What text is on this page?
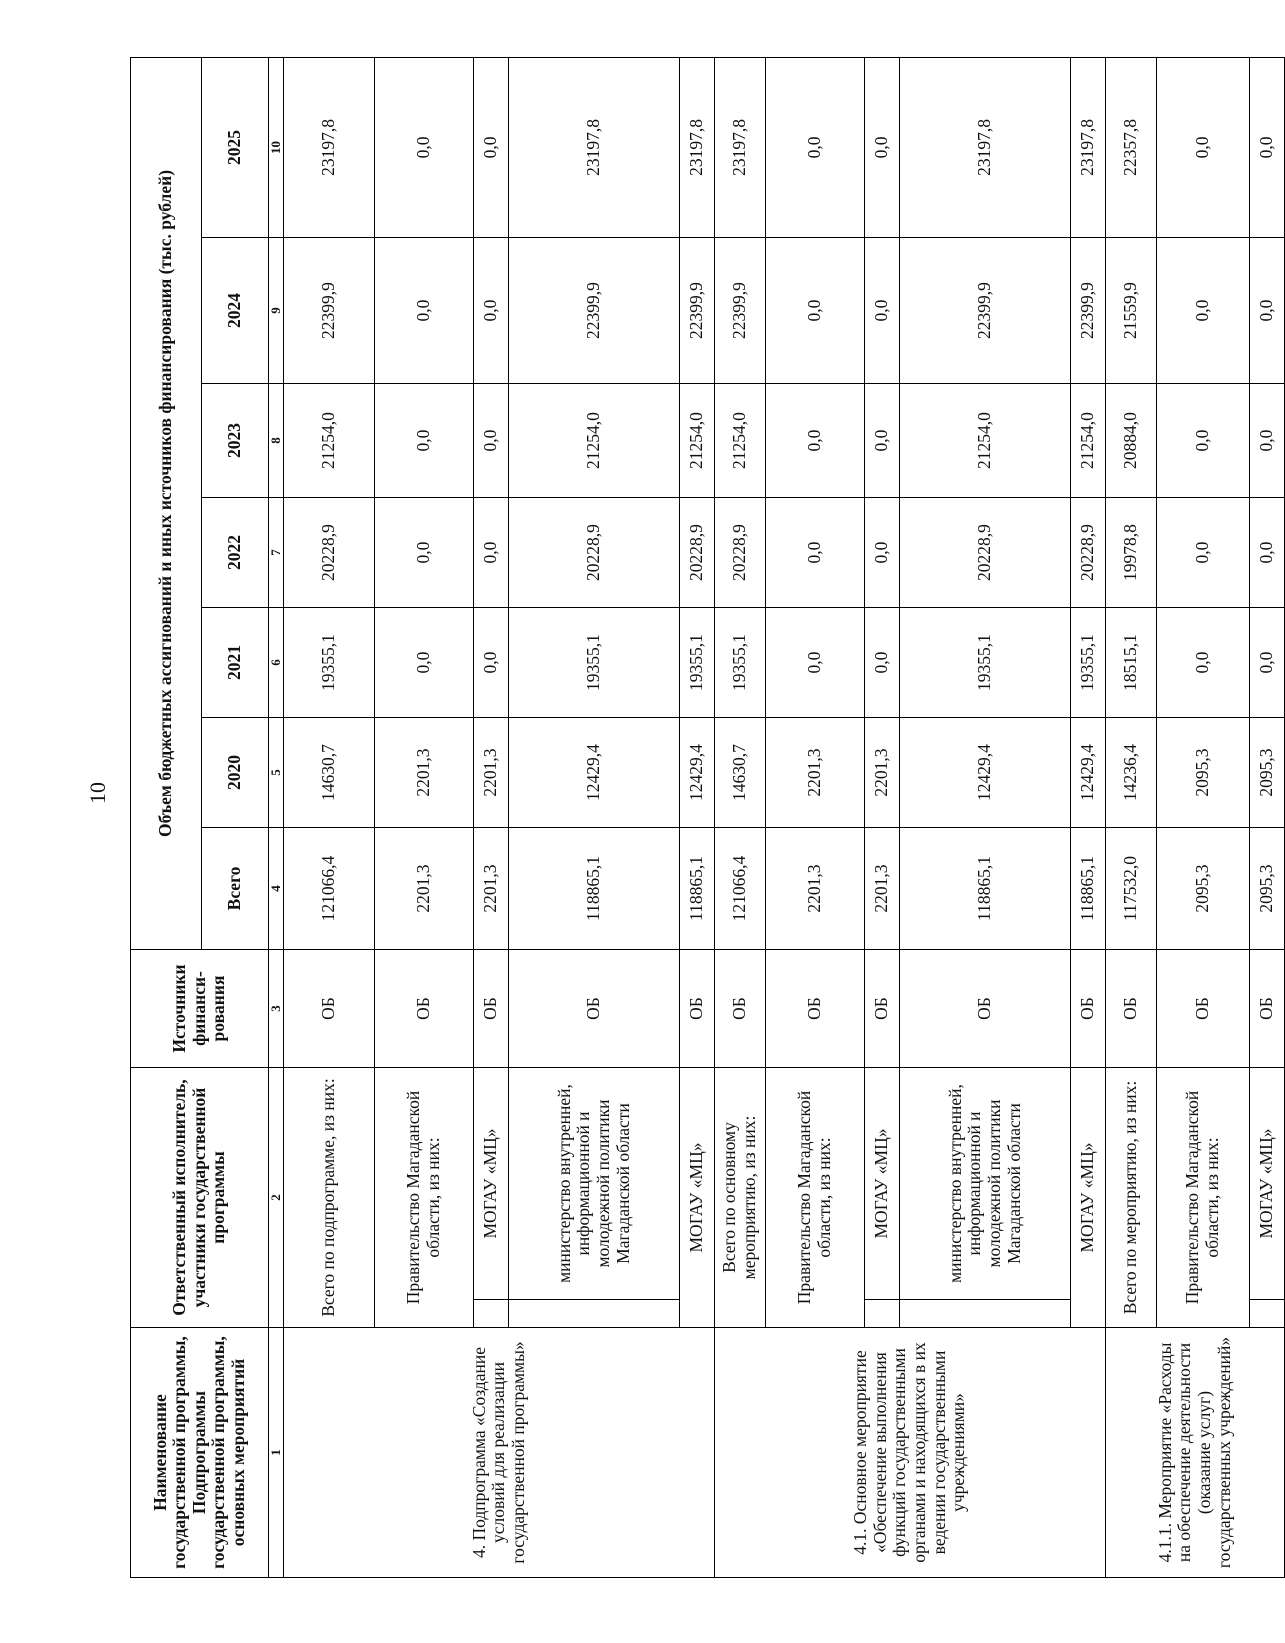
10
Наименование государственной программы, Подпрограммы государственной программы, основных мероприятий	Ответственный исполнитель, участники государственной программы		Источники финанси-рования	Объем бюджетных ассигнований и иных источников финансирования (тыс. рублей)						
				Всего	2020	2021	2022	2023	2024	2025
1	2		3	4	5	6	7	8	9	10
4. Подпрограмма «Создание условий для реализации государственной программы»	Всего по подпрограмме, из них:		ОБ	121066,4	14630,7	19355,1	20228,9	21254,0	22399,9	23197,8
	Правительство Магаданской области, из них:		ОБ	2201,3	2201,3	0,0	0,0	0,0	0,0	0,0
		МОГАУ «МЦ»	ОБ	2201,3	2201,3	0,0	0,0	0,0	0,0	0,0
		министерство внутренней, информационной и молодежной политики Магаданской области	ОБ	118865,1	12429,4	19355,1	20228,9	21254,0	22399,9	23197,8
	МОГАУ «МЦ»		ОБ	118865,1	12429,4	19355,1	20228,9	21254,0	22399,9	23197,8
4.1. Основное мероприятие «Обеспечение выполнения функций государственными органами и находящихся в их ведении государственными учреждениями»	Всего по основному мероприятию, из них:		ОБ	121066,4	14630,7	19355,1	20228,9	21254,0	22399,9	23197,8
	Правительство Магаданской области, из них:		ОБ	2201,3	2201,3	0,0	0,0	0,0	0,0	0,0
		МОГАУ «МЦ»	ОБ	2201,3	2201,3	0,0	0,0	0,0	0,0	0,0
		министерство внутренней, информационной и молодежной политики Магаданской области	ОБ	118865,1	12429,4	19355,1	20228,9	21254,0	22399,9	23197,8
	МОГАУ «МЦ»		ОБ	118865,1	12429,4	19355,1	20228,9	21254,0	22399,9	23197,8
4.1.1. Мероприятие «Расходы на обеспечение деятельности (оказание услуг) государственных учреждений»	Всего по мероприятию, из них:		ОБ	117532,0	14236,4	18515,1	19978,8	20884,0	21559,9	22357,8
	Правительство Магаданской области, из них:		ОБ	2095,3	2095,3	0,0	0,0	0,0	0,0	0,0
		МОГАУ «МЦ»	ОБ	2095,3	2095,3	0,0	0,0	0,0	0,0	0,0
